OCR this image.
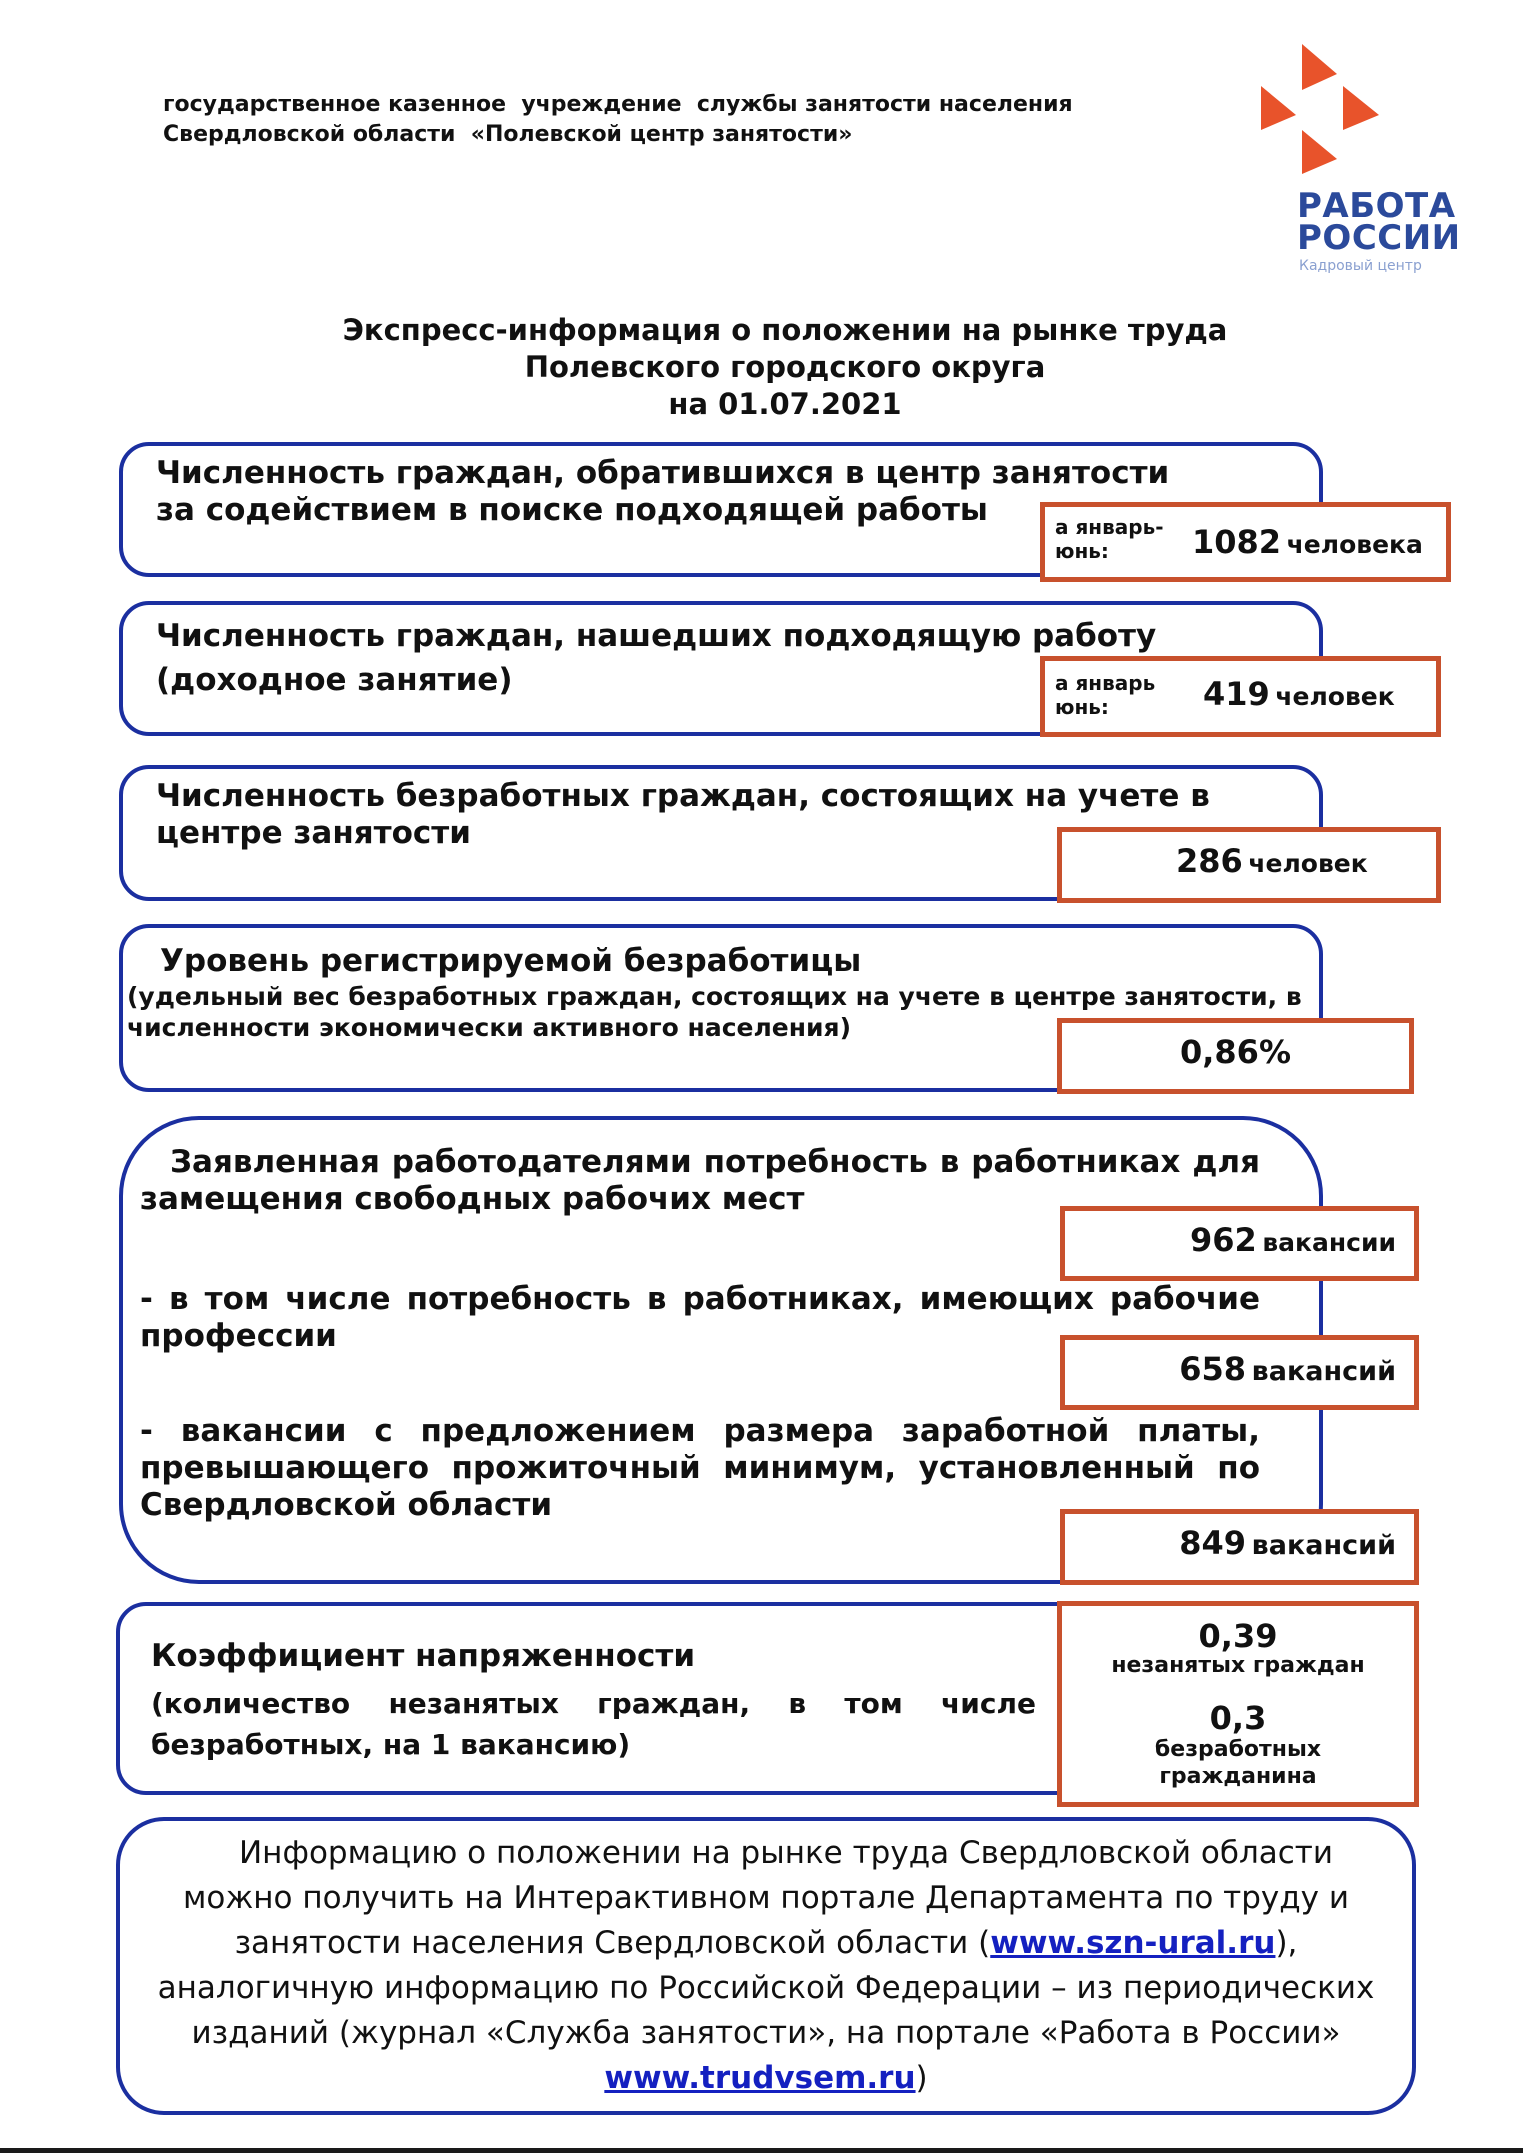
государственное казенное  учреждение  службы занятости населения
Свердловской области  «Полевской центр занятости»
РАБОТА
РОССИИ
Кадровый центр
Экспресс-информация о положении на рынке труда
Полевского городского округа
на 01.07.2021
Численность граждан, обратившихся в центр занятости
за содействием в поиске подходящей работы	а январь-
юнь:	1082 человека
Численность граждан, нашедших подходящую работу
(доходное занятие)	а январь
юнь:	419 человек
Численность безработных граждан, состоящих на учете в
центре занятости
286 человек
Уровень регистрируемой безработицы
(удельный вес безработных граждан, состоящих на учете в центре занятости, в
численности экономически активного населения)
0,86%
Заявленная работодателями потребность в работниках для
замещения свободных рабочих мест
962 вакансии
- в том числе потребность в работниках, имеющих рабочие
профессии
658 вакансий
- вакансии с предложением размера заработной платы,
превышающего прожиточный минимум, установленный по
Свердловской области
849 вакансий
Коэффициент напряженности
(количество незанятых граждан, в том числе
безработных, на 1 вакансию)
0,39
незанятых граждан
0,3
безработных
гражданина
Информацию о положении на рынке труда Свердловской области
можно получить на Интерактивном портале Департамента по труду и
занятости населения Свердловской области (www.szn-ural.ru),
аналогичную информацию по Российской Федерации – из периодических
изданий (журнал «Служба занятости», на портале «Работа в России»
www.trudvsem.ru)
